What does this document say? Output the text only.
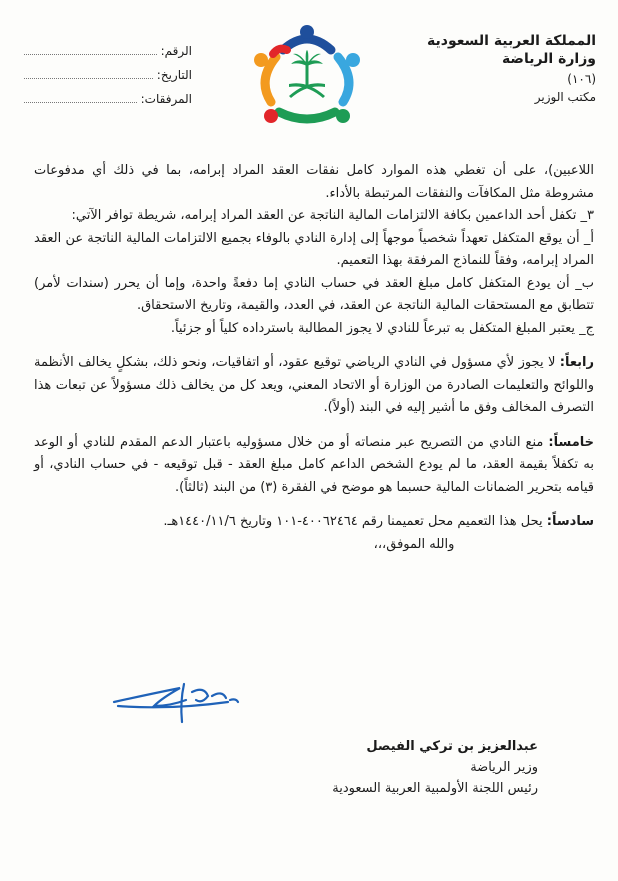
المملكة العربية السعودية
وزارة الرياضة
(١٠٦)
مكتب الوزير
الرقم:
التاريخ:
المرفقات:

اللاعبين)، على أن تغطي هذه الموارد كامل نفقات العقد المراد إبرامه، بما في ذلك أي مدفوعات مشروطة مثل المكافآت والنفقات المرتبطة بالأداء.

٣_ تكفل أحد الداعمين بكافة الالتزامات المالية الناتجة عن العقد المراد إبرامه، شريطة توافر الآتي:

أ_ أن يوقع المتكفل تعهداً شخصياً موجهاً إلى إدارة النادي بالوفاء بجميع الالتزامات المالية الناتجة عن العقد المراد إبرامه، وفقاً للنماذج المرفقة بهذا التعميم.

ب_ أن يودع المتكفل كامل مبلغ العقد في حساب النادي إما دفعةً واحدة، وإما أن يحرر (سندات لأمر) تتطابق مع المستحقات المالية الناتجة عن العقد، في العدد، والقيمة، وتاريخ الاستحقاق.

ج_ يعتبر المبلغ المتكفل به تبرعاً للنادي لا يجوز المطالبة باسترداده كلياً أو جزئياً.

رابعاً: لا يجوز لأي مسؤول في النادي الرياضي توقيع عقود، أو اتفاقيات، ونحو ذلك، بشكلٍ يخالف الأنظمة واللوائح والتعليمات الصادرة من الوزارة أو الاتحاد المعني، ويعد كل من يخالف ذلك مسؤولاً عن تبعات هذا التصرف المخالف وفق ما أشير إليه في البند (أولاً).

خامساً: منع النادي من التصريح عبر منصاته أو من خلال مسؤوليه باعتبار الدعم المقدم للنادي أو الوعد به تكفلاً بقيمة العقد، ما لم يودع الشخص الداعم كامل مبلغ العقد - قبل توقيعه - في حساب النادي، أو قيامه بتحرير الضمانات المالية حسبما هو موضح في الفقرة (٣) من البند (ثالثاً).

سادساً: يحل هذا التعميم محل تعميمنا رقم ٤٠٠٦٢٤٦٤-١٠١ وتاريخ ١٤٤٠/١١/٦هـ.

والله الموفق،،،

عبدالعزيز بن تركي الفيصل
وزير الرياضة
رئيس اللجنة الأولمبية العربية السعودية
